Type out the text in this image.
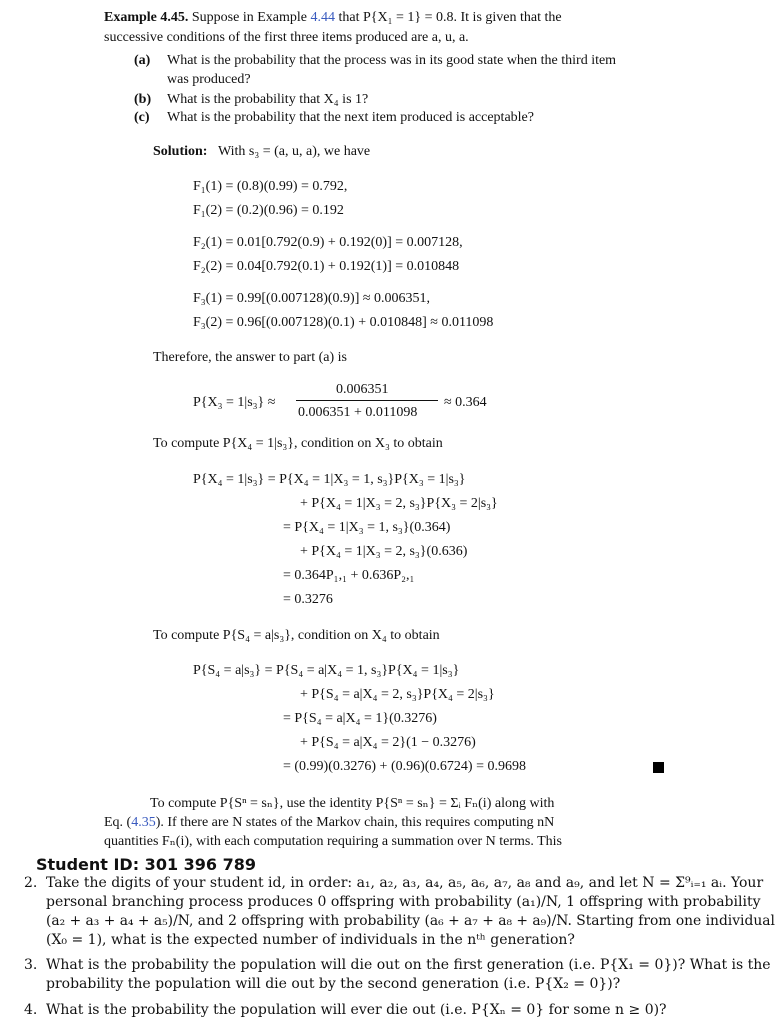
Example 4.45. Suppose in Example 4.44 that P{X₁ = 1} = 0.8. It is given that the
successive conditions of the first three items produced are a, u, a.
(a) What is the probability that the process was in its good state when the third item
was produced?
(b) What is the probability that X₄ is 1?
(c) What is the probability that the next item produced is acceptable?
Solution: With s₃ = (a, u, a), we have
F₁(1) = (0.8)(0.99) = 0.792,
F₁(2) = (0.2)(0.96) = 0.192
F₂(1) = 0.01[0.792(0.9) + 0.192(0)] = 0.007128,
F₂(2) = 0.04[0.792(0.1) + 0.192(1)] = 0.010848
F₃(1) = 0.99[(0.007128)(0.9)] ≈ 0.006351,
F₃(2) = 0.96[(0.007128)(0.1) + 0.010848] ≈ 0.011098
Therefore, the answer to part (a) is
P{X₃ = 1|s₃} ≈
0.006351
0.006351 + 0.011098
≈ 0.364
To compute P{X₄ = 1|s₃}, condition on X₃ to obtain
P{X₄ = 1|s₃} = P{X₄ = 1|X₃ = 1, s₃}P{X₃ = 1|s₃}
+ P{X₄ = 1|X₃ = 2, s₃}P{X₃ = 2|s₃}
= P{X₄ = 1|X₃ = 1, s₃}(0.364)
+ P{X₄ = 1|X₃ = 2, s₃}(0.636)
= 0.364P₁,₁ + 0.636P₂,₁
= 0.3276
To compute P{S₄ = a|s₃}, condition on X₄ to obtain
P{S₄ = a|s₃} = P{S₄ = a|X₄ = 1, s₃}P{X₄ = 1|s₃}
+ P{S₄ = a|X₄ = 2, s₃}P{X₄ = 2|s₃}
= P{S₄ = a|X₄ = 1}(0.3276)
+ P{S₄ = a|X₄ = 2}(1 − 0.3276)
= (0.99)(0.3276) + (0.96)(0.6724) = 0.9698
To compute P{Sⁿ = sₙ}, use the identity P{Sⁿ = sₙ} = Σᵢ Fₙ(i) along with
Eq. (4.35). If there are N states of the Markov chain, this requires computing nN
quantities Fₙ(i), with each computation requiring a summation over N terms. This
Student ID: 301 396 789
2. Take the digits of your student id, in order: a₁, a₂, a₃, a₄, a₅, a₆, a₇, a₈ and a₉, and let N = Σ⁹ᵢ₌₁ aᵢ. Your
personal branching process produces 0 offspring with probability (a₁)/N, 1 offspring with probability
(a₂ + a₃ + a₄ + a₅)/N, and 2 offspring with probability (a₆ + a₇ + a₈ + a₉)/N. Starting from one individual
(X₀ = 1), what is the expected number of individuals in the nᵗʰ generation?
3. What is the probability the population will die out on the first generation (i.e. P{X₁ = 0})? What is the
probability the population will die out by the second generation (i.e. P{X₂ = 0})?
4. What is the probability the population will ever die out (i.e. P{Xₙ = 0} for some n ≥ 0)?
